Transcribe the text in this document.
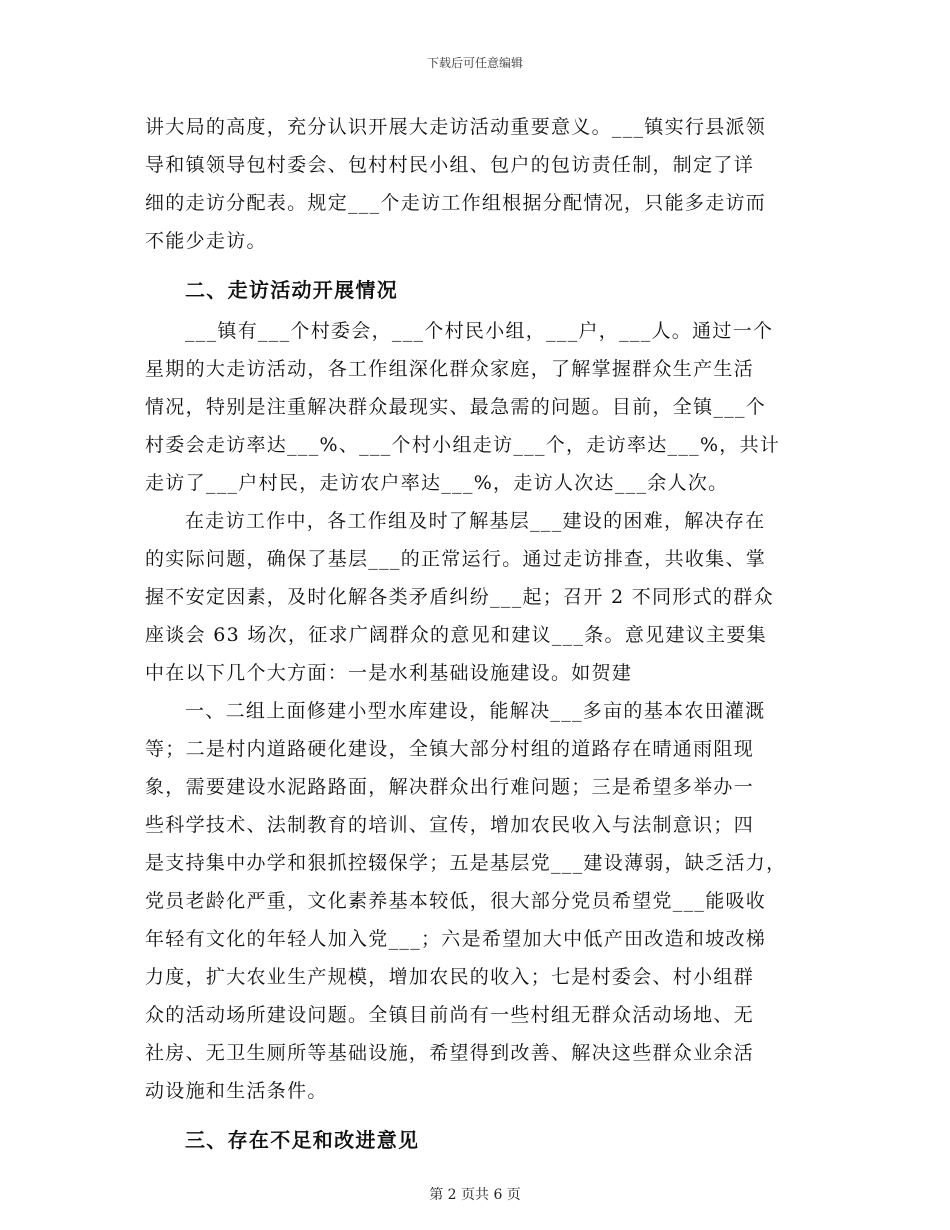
下载后可任意编辑
讲大局的高度，充分认识开展大走访活动重要意义。___镇实行县派领
导和镇领导包村委会、包村村民小组、包户的包访责任制，制定了详
细的走访分配表。规定___个走访工作组根据分配情况，只能多走访而
不能少走访。
二、走访活动开展情况
___镇有___个村委会，___个村民小组，___户，___人。通过一个
星期的大走访活动，各工作组深化群众家庭，了解掌握群众生产生活
情况，特别是注重解决群众最现实、最急需的问题。目前，全镇___个
村委会走访率达___%、___个村小组走访___个，走访率达___%，共计
走访了___户村民，走访农户率达___%，走访人次达___余人次。
在走访工作中，各工作组及时了解基层___建设的困难，解决存在
的实际问题，确保了基层___的正常运行。通过走访排查，共收集、掌
握不安定因素，及时化解各类矛盾纠纷___起；召开 2 不同形式的群众
座谈会 63 场次，征求广阔群众的意见和建议___条。意见建议主要集
中在以下几个大方面：一是水利基础设施建设。如贺建
一、二组上面修建小型水库建设，能解决___多亩的基本农田灌溉
等；二是村内道路硬化建设，全镇大部分村组的道路存在晴通雨阻现
象，需要建设水泥路路面，解决群众出行难问题；三是希望多举办一
些科学技术、法制教育的培训、宣传，增加农民收入与法制意识；四
是支持集中办学和狠抓控辍保学；五是基层党___建设薄弱，缺乏活力，
党员老龄化严重，文化素养基本较低，很大部分党员希望党___能吸收
年轻有文化的年轻人加入党___；六是希望加大中低产田改造和坡改梯
力度，扩大农业生产规模，增加农民的收入；七是村委会、村小组群
众的活动场所建设问题。全镇目前尚有一些村组无群众活动场地、无
社房、无卫生厕所等基础设施，希望得到改善、解决这些群众业余活
动设施和生活条件。
三、存在不足和改进意见
第 2 页共 6 页
